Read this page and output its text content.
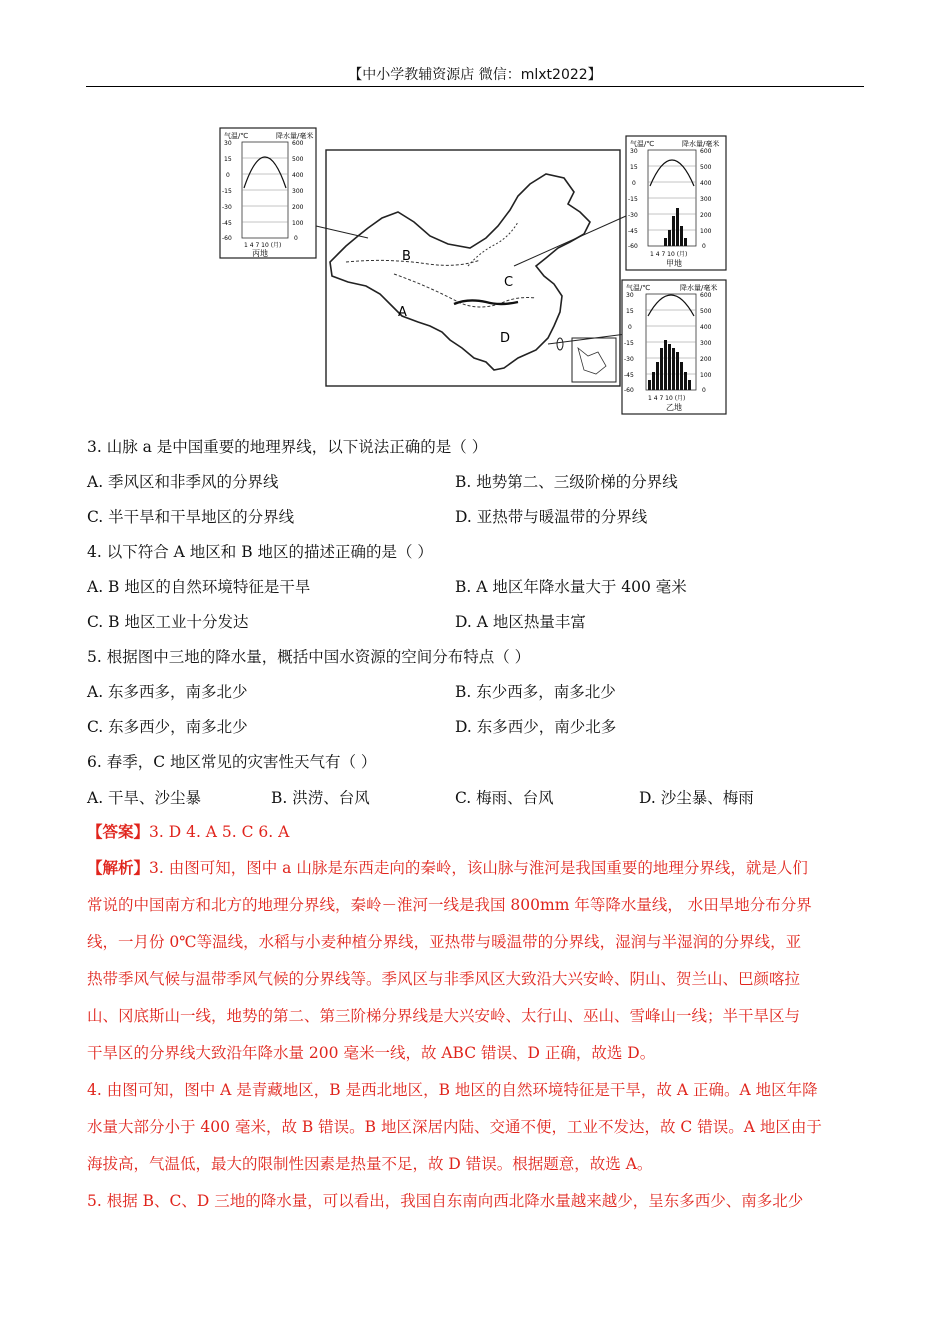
【中小学教辅资源店 微信：mlxt2022】
B
A
C
D
气温/℃	降水量/毫米
30
15
0
-15
-30
-45
-60
600
500
400
300
200
100
0
1 4 7 10 (月)
丙地
气温/℃	降水量/毫米
30
15
0
-15
-30
-45
-60
600
500
400
300
200
100
0
1 4 7 10 (月)
甲地
气温/℃	降水量/毫米
30
15
0
-15
-30
-45
-60
600
500
400
300
200
100
0
1 4 7 10 (月)
乙地
3. 山脉 a 是中国重要的地理界线，以下说法正确的是（ ）
A. 季风区和非季风的分界线	B. 地势第二、三级阶梯的分界线
C. 半干旱和干旱地区的分界线	D. 亚热带与暖温带的分界线
4. 以下符合 A 地区和 B 地区的描述正确的是（ ）
A. B 地区的自然环境特征是干旱	B. A 地区年降水量大于 400 毫米
C. B 地区工业十分发达	D. A 地区热量丰富
5. 根据图中三地的降水量，概括中国水资源的空间分布特点（ ）
A. 东多西多，南多北少	B. 东少西多，南多北少
C. 东多西少，南多北少	D. 东多西少，南少北多
6. 春季，C 地区常见的灾害性天气有（ ）
A. 干旱、沙尘暴	B. 洪涝、台风	C. 梅雨、台风	D. 沙尘暴、梅雨
【答案】3. D 4. A 5. C 6. A
【解析】3. 由图可知，图中 a 山脉是东西走向的秦岭，该山脉与淮河是我国重要的地理分界线，就是人们
常说的中国南方和北方的地理分界线，秦岭－淮河一线是我国 800mm 年等降水量线， 水田旱地分布分界
线，一月份 0℃等温线，水稻与小麦种植分界线，亚热带与暖温带的分界线，湿润与半湿润的分界线，亚
热带季风气候与温带季风气候的分界线等。季风区与非季风区大致沿大兴安岭、阴山、贺兰山、巴颜喀拉
山、冈底斯山一线，地势的第二、第三阶梯分界线是大兴安岭、太行山、巫山、雪峰山一线；半干旱区与
干旱区的分界线大致沿年降水量 200 毫米一线，故 ABC 错误、D 正确，故选 D。
4. 由图可知，图中 A 是青藏地区，B 是西北地区，B 地区的自然环境特征是干旱，故 A 正确。A 地区年降
水量大部分小于 400 毫米，故 B 错误。B 地区深居内陆、交通不便，工业不发达，故 C 错误。A 地区由于
海拔高，气温低，最大的限制性因素是热量不足，故 D 错误。根据题意，故选 A。
5. 根据 B、C、D 三地的降水量，可以看出，我国自东南向西北降水量越来越少，呈东多西少、南多北少
